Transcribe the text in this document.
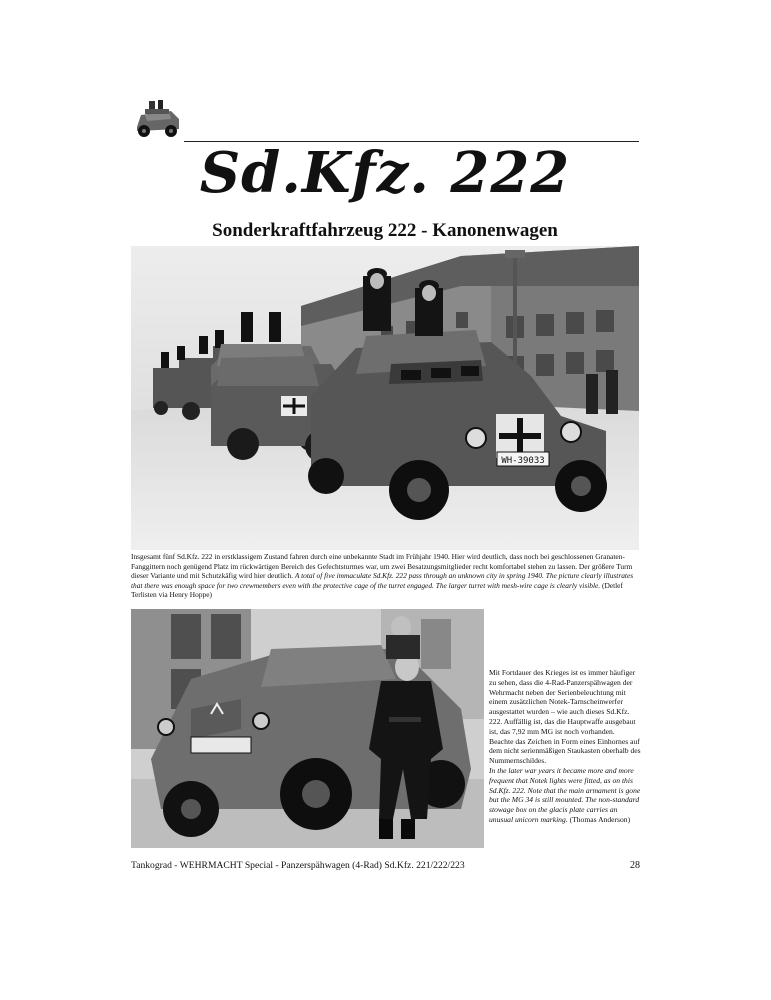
Sd.Kfz. 222
Sonderkraftfahrzeug 222 - Kanonenwagen
WH-39033
Insgesamt fünf Sd.Kfz. 222 in erstklassigem Zustand fahren durch eine unbekannte Stadt im Frühjahr 1940. Hier wird deutlich, dass noch bei geschlossenen Granaten-Fanggittern noch genügend Platz im rückwärtigen Bereich des Gefechtsturmes war, um zwei Besatzungsmitglieder recht komfortabel stehen zu lassen. Der größere Turm dieser Variante und mit Schutzkäfig wird hier deutlich. A total of five immaculate Sd.Kfz. 222 pass through an unknown city in spring 1940. The picture clearly illustrates that there was enough space for two crewmembers even with the protective cage of the turret engaged. The larger turret with mesh-wire cage is clearly visible. (Detlef Terlisten via Henry Hoppe)
Mit Fortdauer des Krieges ist es immer häufiger zu sehen, dass die 4-Rad-Panzerspähwagen der Wehrmacht neben der Serienbeleuchtung mit einem zusätzlichen Notek-Tarnscheinwerfer ausgestattet wurden – wie auch dieses Sd.Kfz. 222. Auffällig ist, das die Hauptwaffe ausgebaut ist, das 7,92 mm MG ist noch vorhanden. Beachte das Zeichen in Form eines Einhornes auf dem nicht serienmäßigen Staukasten oberhalb des Nummernschildes.
In the later war years it became more and more frequent that Notek lights were fitted, as on this Sd.Kfz. 222. Note that the main armament is gone but the MG 34 is still mounted. The non-standard stowage box on the glacis plate carries an unusual unicorn marking. (Thomas Anderson)
Tankograd - WEHRMACHT Special - Panzerspähwagen (4-Rad) Sd.Kfz. 221/222/223	28
